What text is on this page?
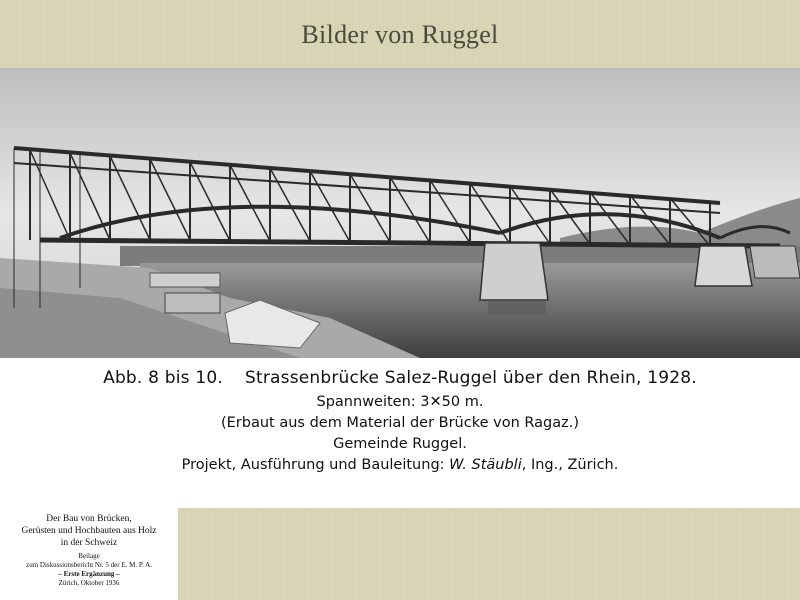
Bilder von Ruggel
Abb. 8 bis 10. Strassenbrücke Salez-Ruggel über den Rhein, 1928.
Spannweiten: 3✕50 m.
(Erbaut aus dem Material der Brücke von Ragaz.)
Gemeinde Ruggel.
Projekt, Ausführung und Bauleitung: W. Stäubli, Ing., Zürich.
Der Bau von Brücken,
Gerüsten und Hochbauten aus Holz
in der Schweiz
Beilage
zum Diskussionsbericht Nr. 5 der E. M. P. A.
– Erste Ergänzung –
Zürich, Oktober 1936
